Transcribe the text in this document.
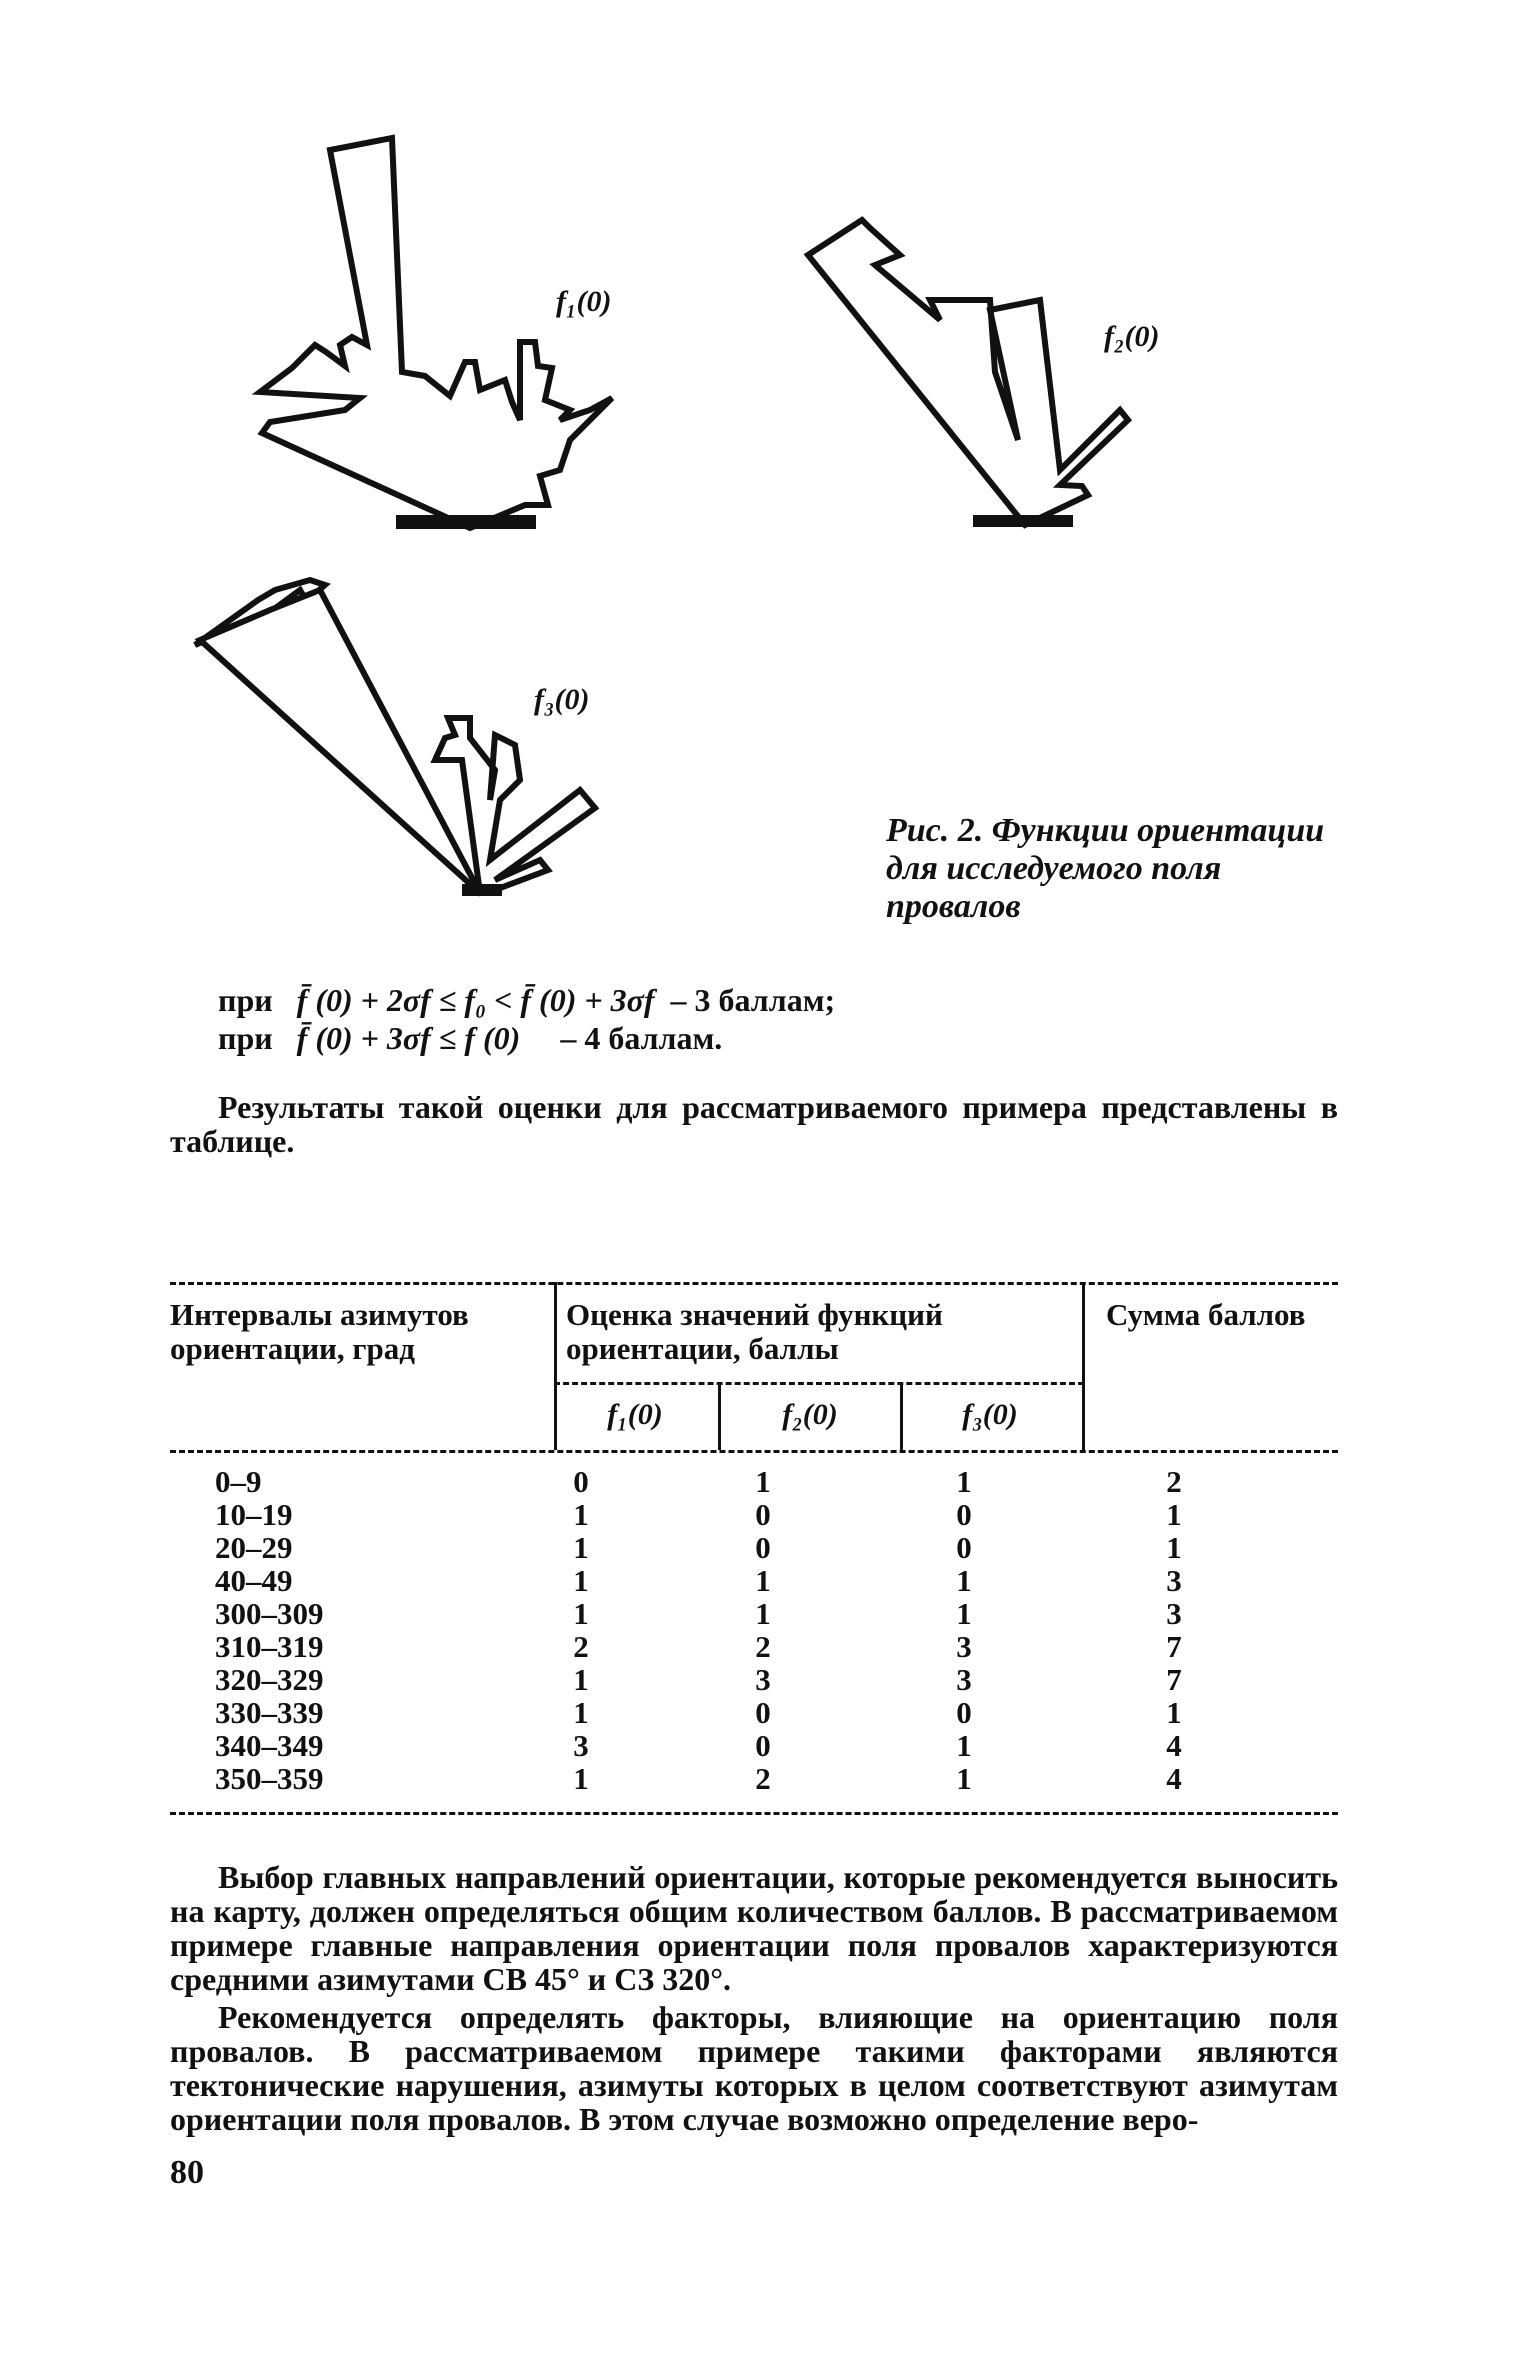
f₁(0)
f₂(0)
f₃(0)
Рис. 2. Функции ориентации для исследуемого поля провалов
при f̄ (0) + 2σf ≤ f₀ < f̄ (0) + 3σf – 3 баллам;
при f̄ (0) + 3σf ≤ f (0) – 4 баллам.
Результаты такой оценки для рассматриваемого примера представлены в таблице.
Интервалы азимутов ориентации, град
Оценка значений функций ориентации, баллы
Сумма баллов
f₁(0)	f₂(0)	f₃(0)
0–9	0	1	1	2
10–19	1	0	0	1
20–29	1	0	0	1
40–49	1	1	1	3
300–309	1	1	1	3
310–319	2	2	3	7
320–329	1	3	3	7
330–339	1	0	0	1
340–349	3	0	1	4
350–359	1	2	1	4
Выбор главных направлений ориентации, которые рекомендуется выносить на карту, должен определяться общим количеством баллов. В рассматриваемом примере главные направления ориентации поля провалов характеризуются средними азимутами СВ 45° и СЗ 320°.
Рекомендуется определять факторы, влияющие на ориентацию поля провалов. В рассматриваемом примере такими факторами являются тектонические нарушения, азимуты которых в целом соответствуют азимутам ориентации поля провалов. В этом случае возможно определение веро-
80
